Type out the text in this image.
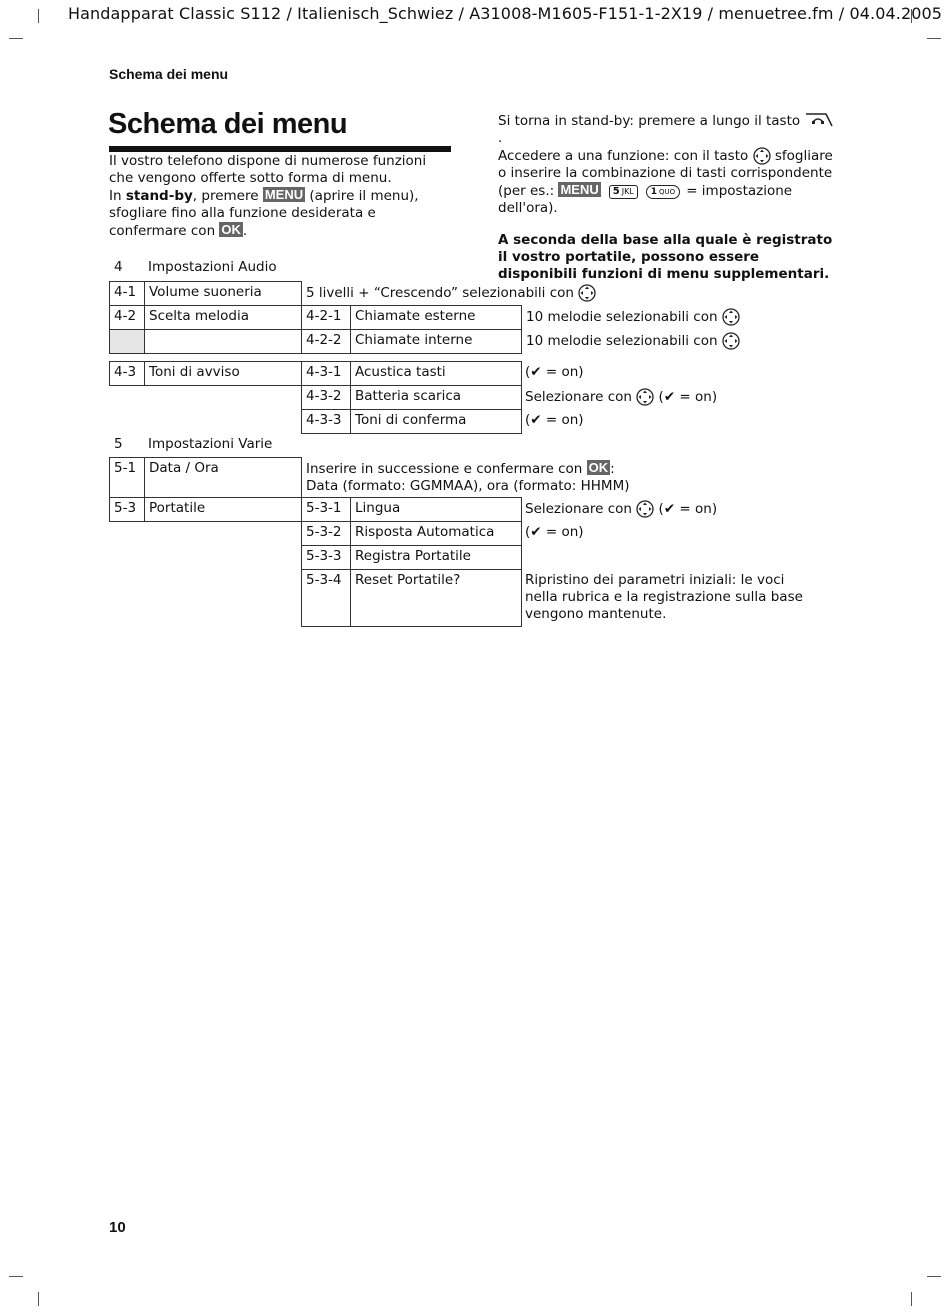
Handapparat Classic S112 / Italienisch_Schwiez / A31008-M1605-F151-1-2X19 / menuetree.fm / 04.04.2005
Schema dei menu
Schema dei menu

Il vostro telefono dispone di numerose funzioni che vengono offerte sotto forma di menu.

In stand-by, premere MENU (aprire il menu), sfogliare fino alla funzione desiderata e confermare con OK .

Si torna in stand-by: premere a lungo il tasto .

Accedere a una funzione: con il tasto sfogliare o inserire la combinazione di tasti corrispondente (per es.: MENU 5 JKL 1 QUO = impostazione dell'ora).

A seconda della base alla quale è registrato il vostro portatile, possono essere disponibili funzioni di menu supplementari.

4 Impostazioni Audio
4-1 Volume suoneria	5 livelli + “Crescendo” selezionabili con
4-2 Scelta melodia	4-2-1 Chiamate esterne	10 melodie selezionabili con
4-2-2 Chiamate interne	10 melodie selezionabili con
4-3 Toni di avviso	4-3-1 Acustica tasti	(✔ = on)
4-3-2 Batteria scarica	Selezionare con (✔ = on)
4-3-3 Toni di conferma	(✔ = on)
5 Impostazioni Varie
5-1 Data / Ora	Inserire in successione e confermare con OK :
Data (formato: GGMMAA), ora (formato: HHMM)
5-3 Portatile	5-3-1 Lingua	Selezionare con (✔ = on)
5-3-2 Risposta Automatica	(✔ = on)
5-3-3 Registra Portatile
5-3-4 Reset Portatile?	Ripristino dei parametri iniziali: le voci nella rubrica e la registrazione sulla base vengono mantenute.
10
